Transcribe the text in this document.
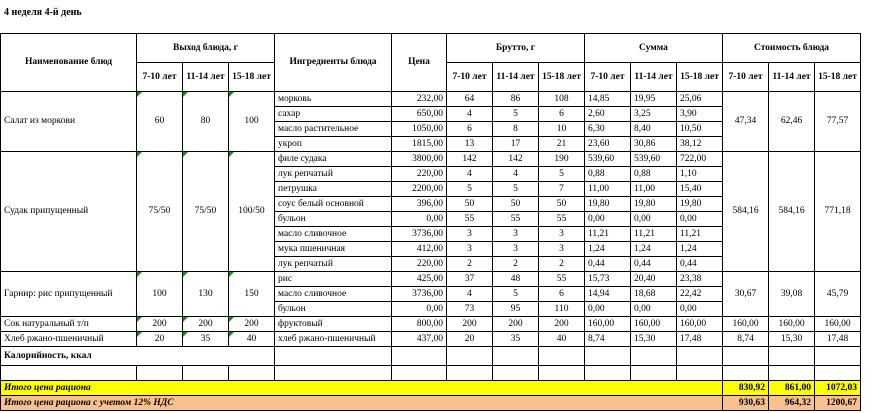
4 неделя 4-й день
Наименование блюд	Выход блюда, г			Ингредиенты блюда	Цена	Брутто, г			Сумма			Стоимость блюда		
	7-10 лет	11-14 лет	15-18 лет			7-10 лет	11-14 лет	15-18 лет	7-10 лет	11-14 лет	15-18 лет	7-10 лет	11-14 лет	15-18 лет
Салат из моркови	60	80	100	морковь	232,00	64	86	108	14,85	19,95	25,06	47,34	62,46	77,57
				сахар	650,00	4	5	6	2,60	3,25	3,90			
				масло растительное	1050,00	6	8	10	6,30	8,40	10,50			
				укроп	1815,00	13	17	21	23,60	30,86	38,12			
Судак припущенный	75/50	75/50	100/50	филе судака	3800,00	142	142	190	539,60	539,60	722,00	584,16	584,16	771,18
				лук репчатый	220,00	4	4	5	0,88	0,88	1,10			
				петрушка	2200,00	5	5	7	11,00	11,00	15,40			
				соус белый основной	396,00	50	50	50	19,80	19,80	19,80			
				бульон	0,00	55	55	55	0,00	0,00	0,00			
				масло сливочное	3736,00	3	3	3	11,21	11,21	11,21			
				мука пшеничная	412,00	3	3	3	1,24	1,24	1,24			
				лук репчатый	220,00	2	2	2	0,44	0,44	0,44			
Гарнир: рис припущенный	100	130	150	рис	425,00	37	48	55	15,73	20,40	23,38	30,67	39,08	45,79
				масло сливочное	3736,00	4	5	6	14,94	18,68	22,42			
				бульон	0,00	73	95	110	0,00	0,00	0,00			
Сок натуральный т/п	200	200	200	фруктовый	800,00	200	200	200	160,00	160,00	160,00	160,00	160,00	160,00
Хлеб ржано-пшеничный	20	35	40	хлеб ржано-пшеничный	437,00	20	35	40	8,74	15,30	17,48	8,74	15,30	17,48
Калорийность, ккал														

Итого цена рациона												830,92	861,00	1072,03
Итого цена рациона с учетом 12% НДС												930,63	964,32	1200,67
